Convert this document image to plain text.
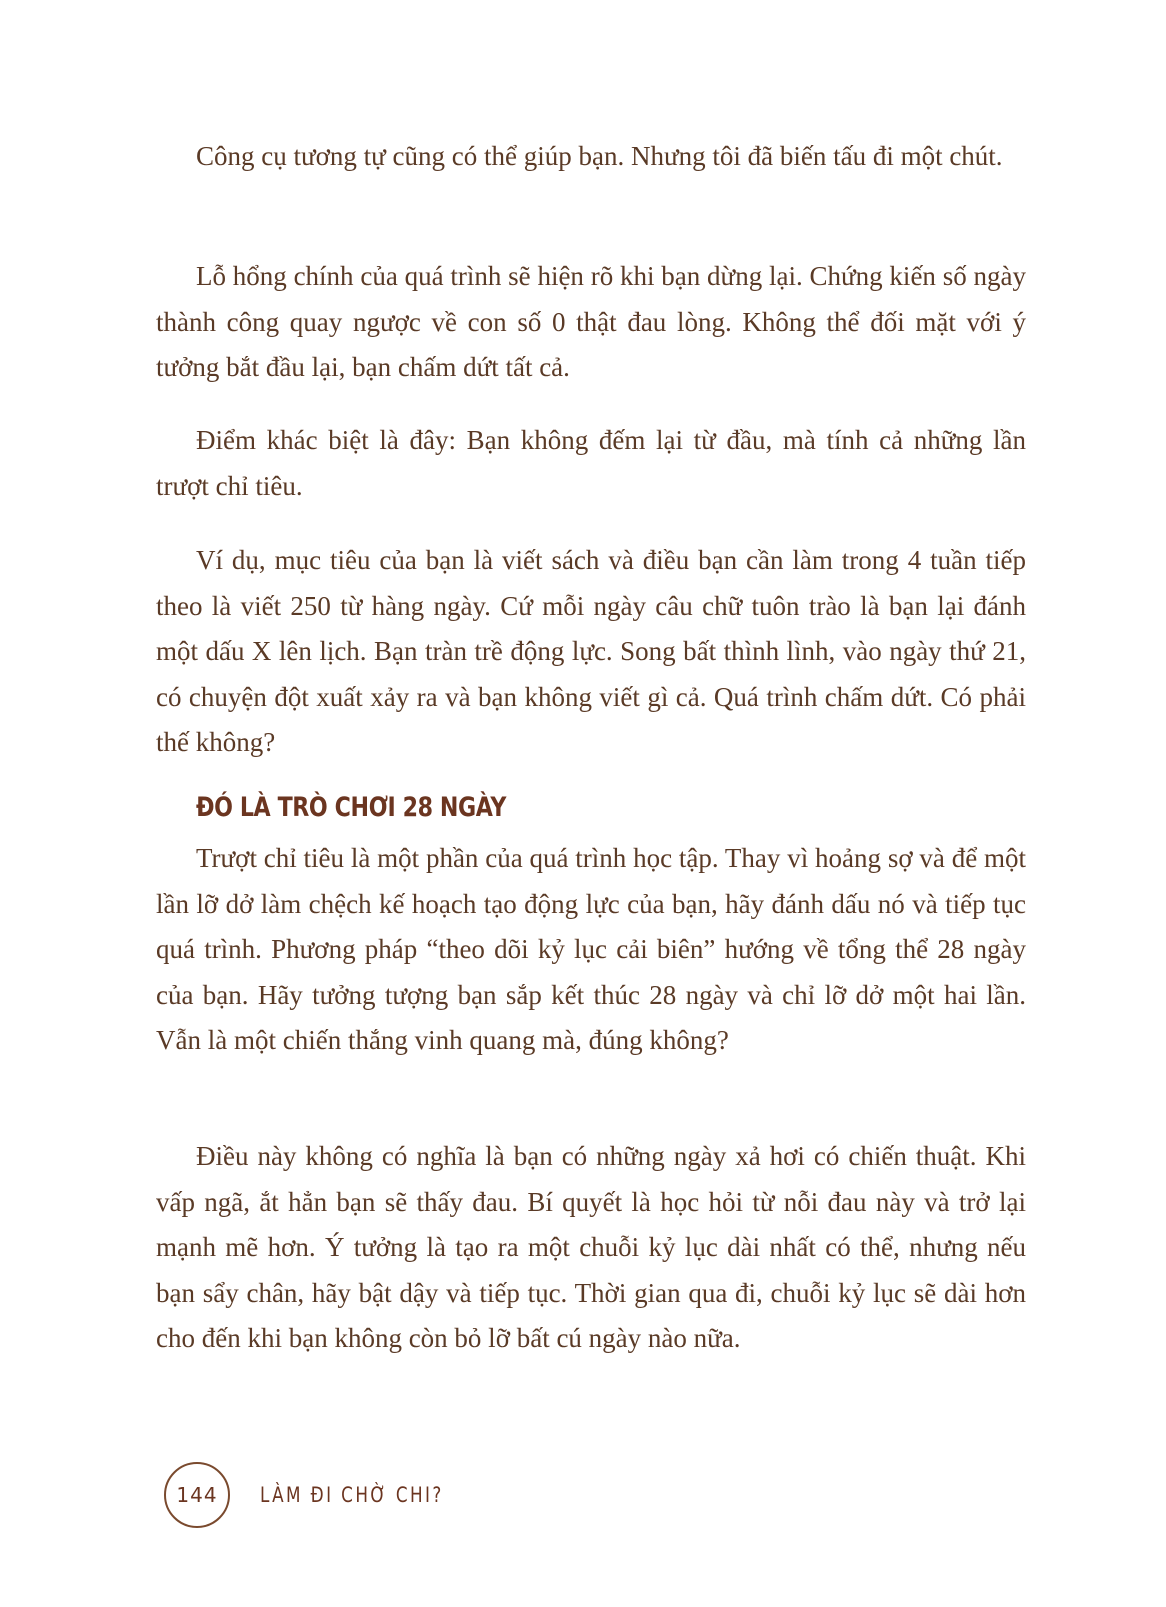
Công cụ tương tự cũng có thể giúp bạn. Nhưng tôi đã biến tấu đi một chút.

Lỗ hổng chính của quá trình sẽ hiện rõ khi bạn dừng lại. Chứng kiến số ngày thành công quay ngược về con số 0 thật đau lòng. Không thể đối mặt với ý tưởng bắt đầu lại, bạn chấm dứt tất cả.

Điểm khác biệt là đây: Bạn không đếm lại từ đầu, mà tính cả những lần trượt chỉ tiêu.

Ví dụ, mục tiêu của bạn là viết sách và điều bạn cần làm trong 4 tuần tiếp theo là viết 250 từ hàng ngày. Cứ mỗi ngày câu chữ tuôn trào là bạn lại đánh một dấu X lên lịch. Bạn tràn trề động lực. Song bất thình lình, vào ngày thứ 21, có chuyện đột xuất xảy ra và bạn không viết gì cả. Quá trình chấm dứt. Có phải thế không?

ĐÓ LÀ TRÒ CHƠI 28 NGÀY

Trượt chỉ tiêu là một phần của quá trình học tập. Thay vì hoảng sợ và để một lần lỡ dở làm chệch kế hoạch tạo động lực của bạn, hãy đánh dấu nó và tiếp tục quá trình. Phương pháp “theo dõi kỷ lục cải biên” hướng về tổng thể 28 ngày của bạn. Hãy tưởng tượng bạn sắp kết thúc 28 ngày và chỉ lỡ dở một hai lần. Vẫn là một chiến thắng vinh quang mà, đúng không?

Điều này không có nghĩa là bạn có những ngày xả hơi có chiến thuật. Khi vấp ngã, ắt hẳn bạn sẽ thấy đau. Bí quyết là học hỏi từ nỗi đau này và trở lại mạnh mẽ hơn. Ý tưởng là tạo ra một chuỗi kỷ lục dài nhất có thể, nhưng nếu bạn sẩy chân, hãy bật dậy và tiếp tục. Thời gian qua đi, chuỗi kỷ lục sẽ dài hơn cho đến khi bạn không còn bỏ lỡ bất cú ngày nào nữa.

144	LÀM ĐI CHỜ CHI?
